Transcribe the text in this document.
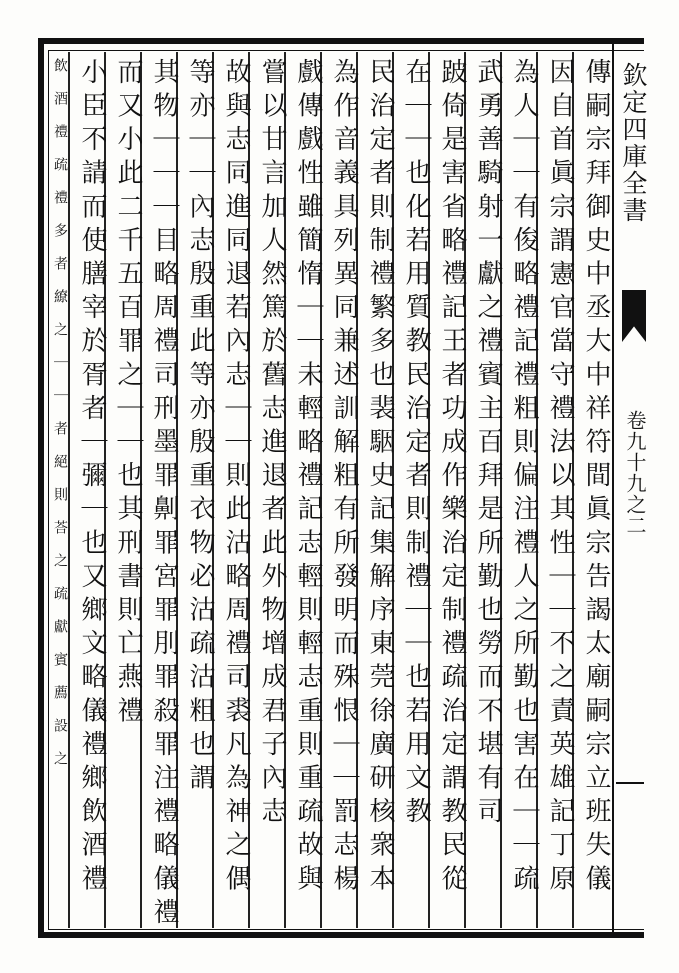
欽定四庫全書
卷九十九之二
傳嗣宗拜御史中丞大中祥符間眞宗告謁太廟嗣宗立班失儀
因自首眞宗謂憲官當守禮法以其性｜｜不之責英雄記丁原
為人｜｜有俊略禮記禮粗則偏注禮人之所勤也害在｜｜疏
武勇善騎射一獻之禮賓主百拜是所勤也勞而不堪有司
跛倚是害省略禮記王者功成作樂治定制禮疏治定謂教民從
在｜｜也化若用質教民治定者則制禮｜｜也若用文教
民治定者則制禮繁多也裴駰史記集解序東莞徐廣研核衆本
為作音義具列異同兼述訓解粗有所發明而殊恨｜｜罰志楊
戲傳戲性雖簡惰｜｜未輕略禮記志輕則輕志重則重疏故與
嘗以甘言加人然篤於舊志進退者此外物增成君子內志
故與志同進同退若內志｜｜則此沽略周禮司裘凡為神之偶
等亦｜｜內志殷重此等亦殷重衣物必沽疏沽粗也謂
其物｜｜｜目略周禮司刑墨罪劓罪宮罪刖罪殺罪注禮略儀禮
而又小此二千五百罪之｜｜也其刑書則亡燕禮
小臣不請而使膳宰於胥者｜彌｜也又鄉文略儀禮鄉飲酒禮
飲酒禮疏禮多者繚之｜｜者絕則荅之疏獻賓薦設之
